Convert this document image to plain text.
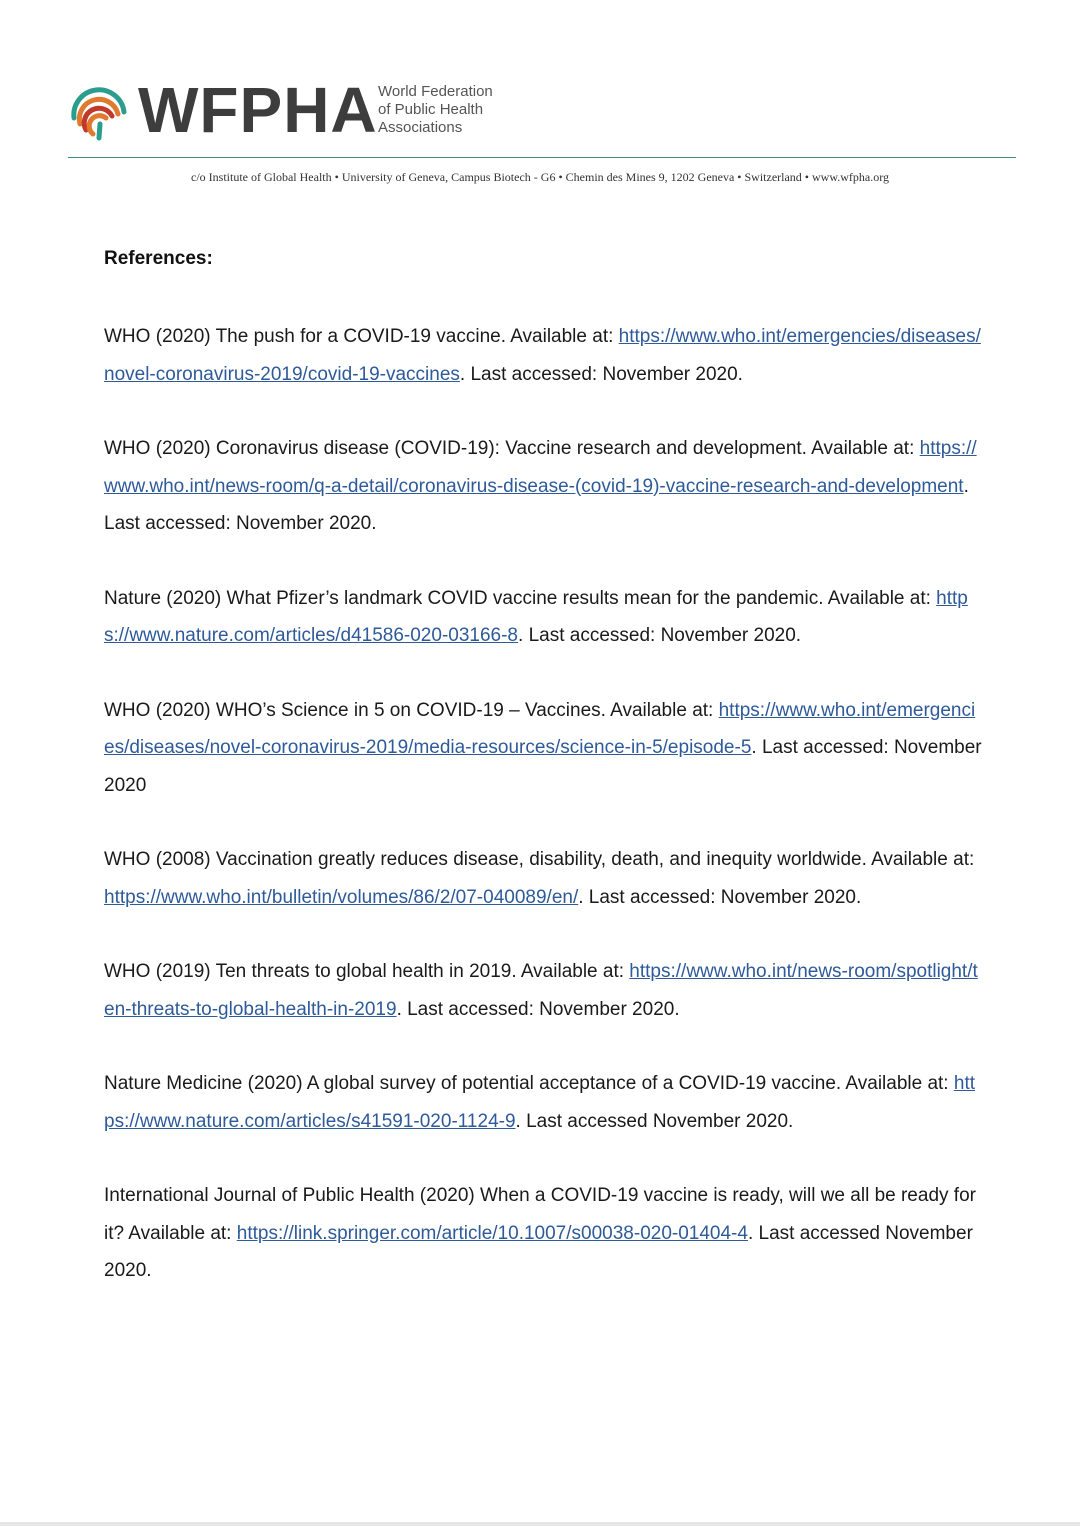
WFPHA World Federation
of Public Health
Associations
c/o Institute of Global Health • University of Geneva, Campus Biotech - G6 • Chemin des Mines 9, 1202 Geneva • Switzerland • www.wfpha.org
References:

WHO (2020) The push for a COVID-19 vaccine. Available at: https://www.who.int/emergencies/diseases/novel-coronavirus-2019/covid-19-vaccines. Last accessed: November 2020.

WHO (2020) Coronavirus disease (COVID-19): Vaccine research and development. Available at: https://www.who.int/news-room/q-a-detail/coronavirus-disease-(covid-19)-vaccine-research-and-development. Last accessed: November 2020.

Nature (2020) What Pfizer’s landmark COVID vaccine results mean for the pandemic. Available at: https://www.nature.com/articles/d41586-020-03166-8. Last accessed: November 2020.

WHO (2020) WHO’s Science in 5 on COVID-19 – Vaccines. Available at: https://www.who.int/emergencies/diseases/novel-coronavirus-2019/media-resources/science-in-5/episode-5. Last accessed: November 2020

WHO (2008) Vaccination greatly reduces disease, disability, death, and inequity worldwide. Available at: https://www.who.int/bulletin/volumes/86/2/07-040089/en/. Last accessed: November 2020.

WHO (2019) Ten threats to global health in 2019. Available at: https://www.who.int/news-room/spotlight/ten-threats-to-global-health-in-2019. Last accessed: November 2020.

Nature Medicine (2020) A global survey of potential acceptance of a COVID-19 vaccine. Available at: https://www.nature.com/articles/s41591-020-1124-9. Last accessed November 2020.

International Journal of Public Health (2020) When a COVID-19 vaccine is ready, will we all be ready for it? Available at: https://link.springer.com/article/10.1007/s00038-020-01404-4. Last accessed November 2020.
